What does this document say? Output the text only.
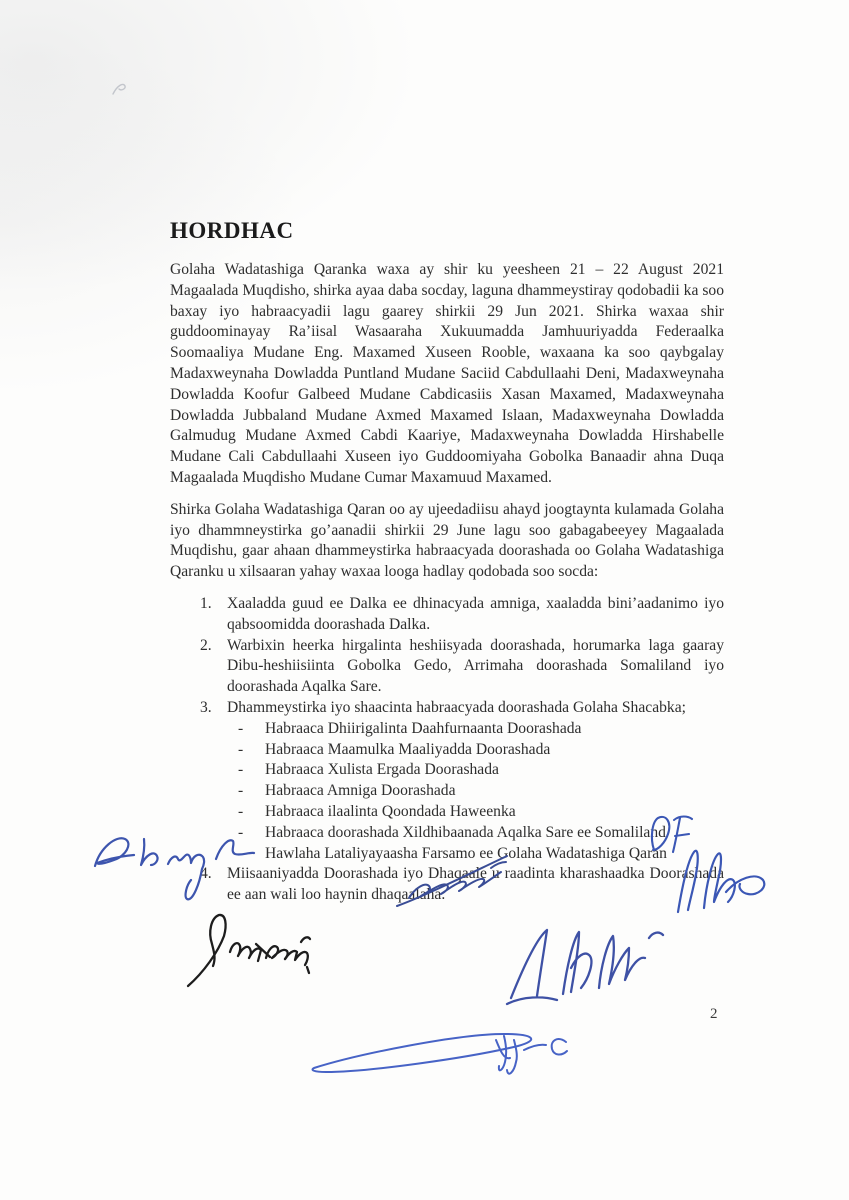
HORDHAC

Golaha Wadatashiga Qaranka waxa ay shir ku yeesheen 21 – 22 August 2021 Magaalada Muqdisho, shirka ayaa daba socday, laguna dhammeystiray qodobadii ka soo baxay iyo habraacyadii lagu gaarey shirkii 29 Jun 2021. Shirka waxaa shir guddoominayay Ra’iisal Wasaaraha Xukuumadda Jamhuuriyadda Federaalka Soomaaliya Mudane Eng. Maxamed Xuseen Rooble, waxaana ka soo qaybgalay Madaxweynaha Dowladda Puntland Mudane Saciid Cabdullaahi Deni, Madaxweynaha Dowladda Koofur Galbeed Mudane Cabdicasiis Xasan Maxamed, Madaxweynaha Dowladda Jubbaland Mudane Axmed Maxamed Islaan, Madaxweynaha Dowladda Galmudug Mudane Axmed Cabdi Kaariye, Madaxweynaha Dowladda Hirshabelle Mudane Cali Cabdullaahi Xuseen iyo Guddoomiyaha Gobolka Banaadir ahna Duqa Magaalada Muqdisho Mudane Cumar Maxamuud Maxamed.

Shirka Golaha Wadatashiga Qaran oo ay ujeedadiisu ahayd joogtaynta kulamada Golaha iyo dhammneystirka go’aanadii shirkii 29 June lagu soo gabagabeeyey Magaalada Muqdishu, gaar ahaan dhammeystirka habraacyada doorashada oo Golaha Wadatashiga Qaranku u xilsaaran yahay waxaa looga hadlay qodobada soo socda:

1. Xaaladda guud ee Dalka ee dhinacyada amniga, xaaladda bini’aadanimo iyo qabsoomidda doorashada Dalka.
2. Warbixin heerka hirgalinta heshiisyada doorashada, horumarka laga gaaray Dibu-heshiisiinta Gobolka Gedo, Arrimaha doorashada Somaliland iyo doorashada Aqalka Sare.
3. Dhammeystirka iyo shaacinta habraacyada doorashada Golaha Shacabka;
-	Habraaca Dhiirigalinta Daahfurnaanta Doorashada
-	Habraaca Maamulka Maaliyadda Doorashada
-	Habraaca Xulista Ergada Doorashada
-	Habraaca Amniga Doorashada
-	Habraaca ilaalinta Qoondada Haweenka
-	Habraaca doorashada Xildhibaanada Aqalka Sare ee Somaliland
-	Hawlaha Lataliyayaasha Farsamo ee Golaha Wadatashiga Qaran
4. Miisaaniyadda Doorashada iyo Dhaqaale u raadinta kharashaadka Doorashada ee aan wali loo haynin dhaqaalaha.
2
